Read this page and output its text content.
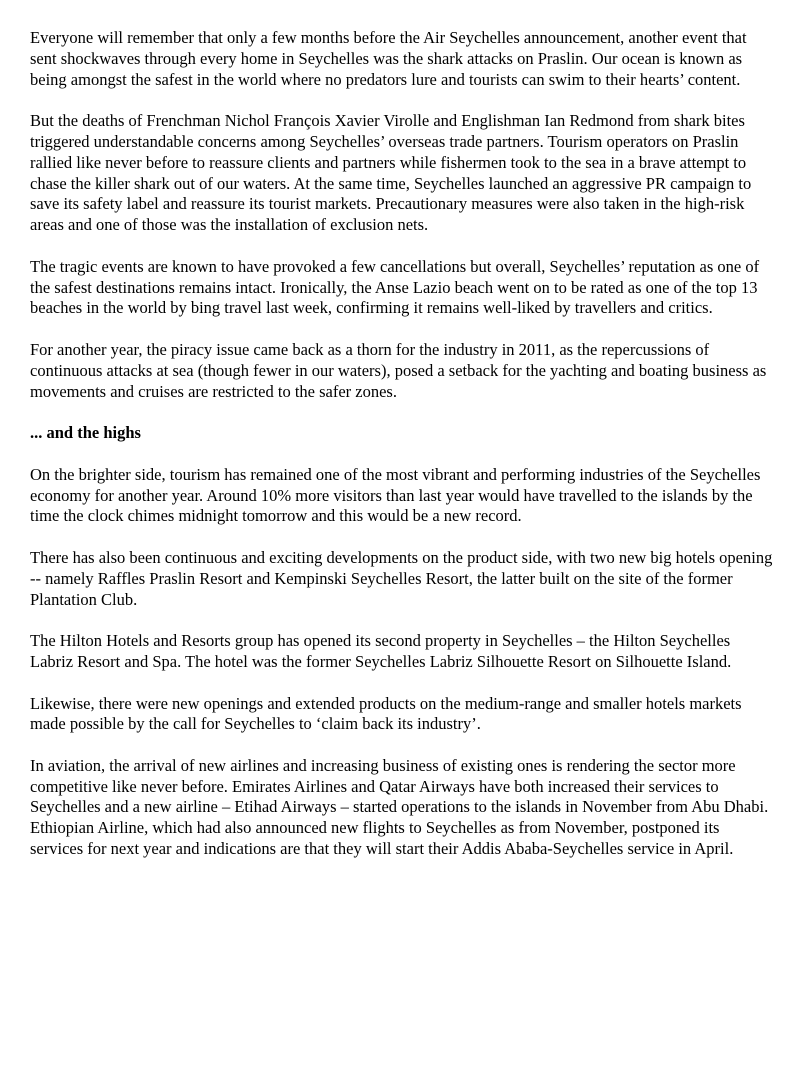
Everyone will remember that only a few months before the Air Seychelles announcement, another event that sent shockwaves through every home in Seychelles was the shark attacks on Praslin. Our ocean is known as being amongst the safest in the world where no predators lure and tourists can swim to their hearts’ content.

But the deaths of Frenchman Nichol François Xavier Virolle and Englishman Ian Redmond from shark bites triggered understandable concerns among Seychelles’ overseas trade partners. Tourism operators on Praslin rallied like never before to reassure clients and partners while fishermen took to the sea in a brave attempt to chase the killer shark out of our waters. At the same time, Seychelles launched an aggressive PR campaign to save its safety label and reassure its tourist markets. Precautionary measures were also taken in the high-risk areas and one of those was the installation of exclusion nets.

The tragic events are known to have provoked a few cancellations but overall, Seychelles’ reputation as one of the safest destinations remains intact. Ironically, the Anse Lazio beach went on to be rated as one of the top 13 beaches in the world by bing travel last week, confirming it remains well-liked by travellers and critics.

For another year, the piracy issue came back as a thorn for the industry in 2011, as the repercussions of continuous attacks at sea (though fewer in our waters), posed a setback for the yachting and boating business as movements and cruises are restricted to the safer zones.

... and the highs

On the brighter side, tourism has remained one of the most vibrant and performing industries of the Seychelles economy for another year. Around 10% more visitors than last year would have travelled to the islands by the time the clock chimes midnight tomorrow and this would be a new record.

There has also been continuous and exciting developments on the product side, with two new big hotels opening -- namely Raffles Praslin Resort and Kempinski Seychelles Resort, the latter built on the site of the former Plantation Club.

The Hilton Hotels and Resorts group has opened its second property in Seychelles – the Hilton Seychelles Labriz Resort and Spa. The hotel was the former Seychelles Labriz Silhouette Resort on Silhouette Island.

Likewise, there were new openings and extended products on the medium-range and smaller hotels markets made possible by the call for Seychelles to ‘claim back its industry’.

In aviation, the arrival of new airlines and increasing business of existing ones is rendering the sector more competitive like never before. Emirates Airlines and Qatar Airways have both increased their services to Seychelles and a new airline – Etihad Airways – started operations to the islands in November from Abu Dhabi. Ethiopian Airline, which had also announced new flights to Seychelles as from November, postponed its services for next year and indications are that they will start their Addis Ababa-Seychelles service in April.
